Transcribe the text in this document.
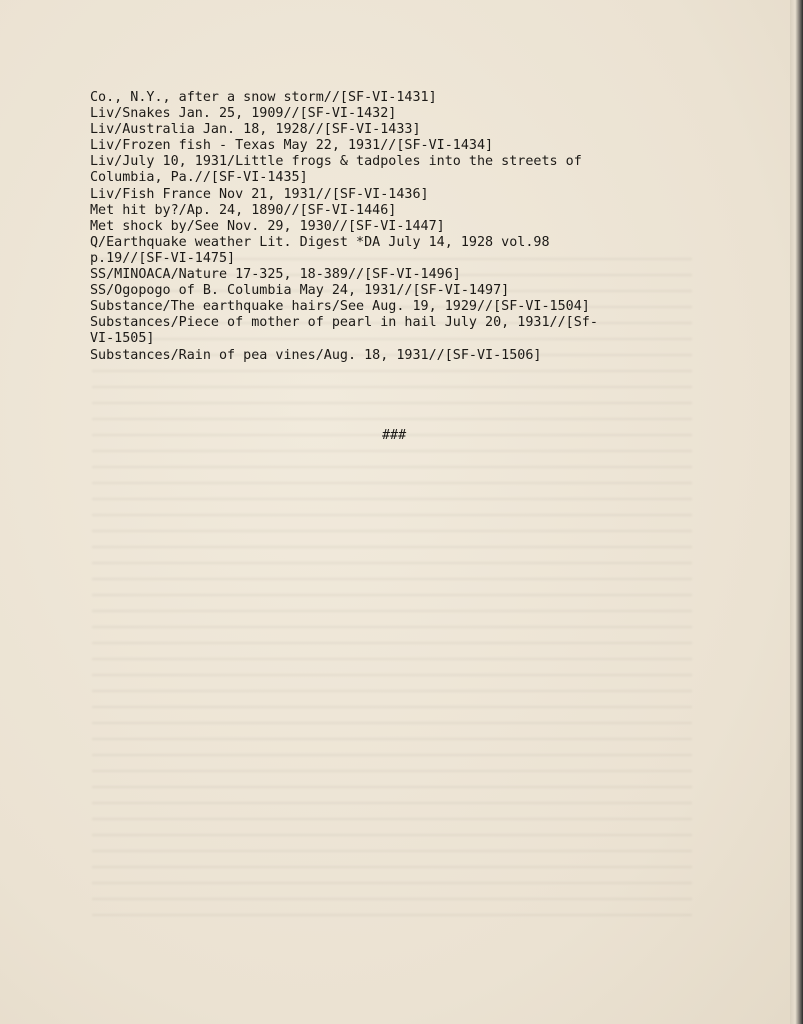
Co., N.Y., after a snow storm//[SF-VI-1431]

Liv/Snakes Jan. 25, 1909//[SF-VI-1432]

Liv/Australia Jan. 18, 1928//[SF-VI-1433]

Liv/Frozen fish - Texas May 22, 1931//[SF-VI-1434]

Liv/July 10, 1931/Little frogs & tadpoles into the streets of
Columbia, Pa.//[SF-VI-1435]

Liv/Fish France Nov 21, 1931//[SF-VI-1436]

Met hit by?/Ap. 24, 1890//[SF-VI-1446]

Met shock by/See Nov. 29, 1930//[SF-VI-1447]

Q/Earthquake weather Lit. Digest *DA July 14, 1928 vol.98
p.19//[SF-VI-1475]

SS/MINOACA/Nature 17-325, 18-389//[SF-VI-1496]

SS/Ogopogo of B. Columbia May 24, 1931//[SF-VI-1497]

Substance/The earthquake hairs/See Aug. 19, 1929//[SF-VI-1504]

Substances/Piece of mother of pearl in hail July 20, 1931//[Sf-
VI-1505]

Substances/Rain of pea vines/Aug. 18, 1931//[SF-VI-1506]

###
